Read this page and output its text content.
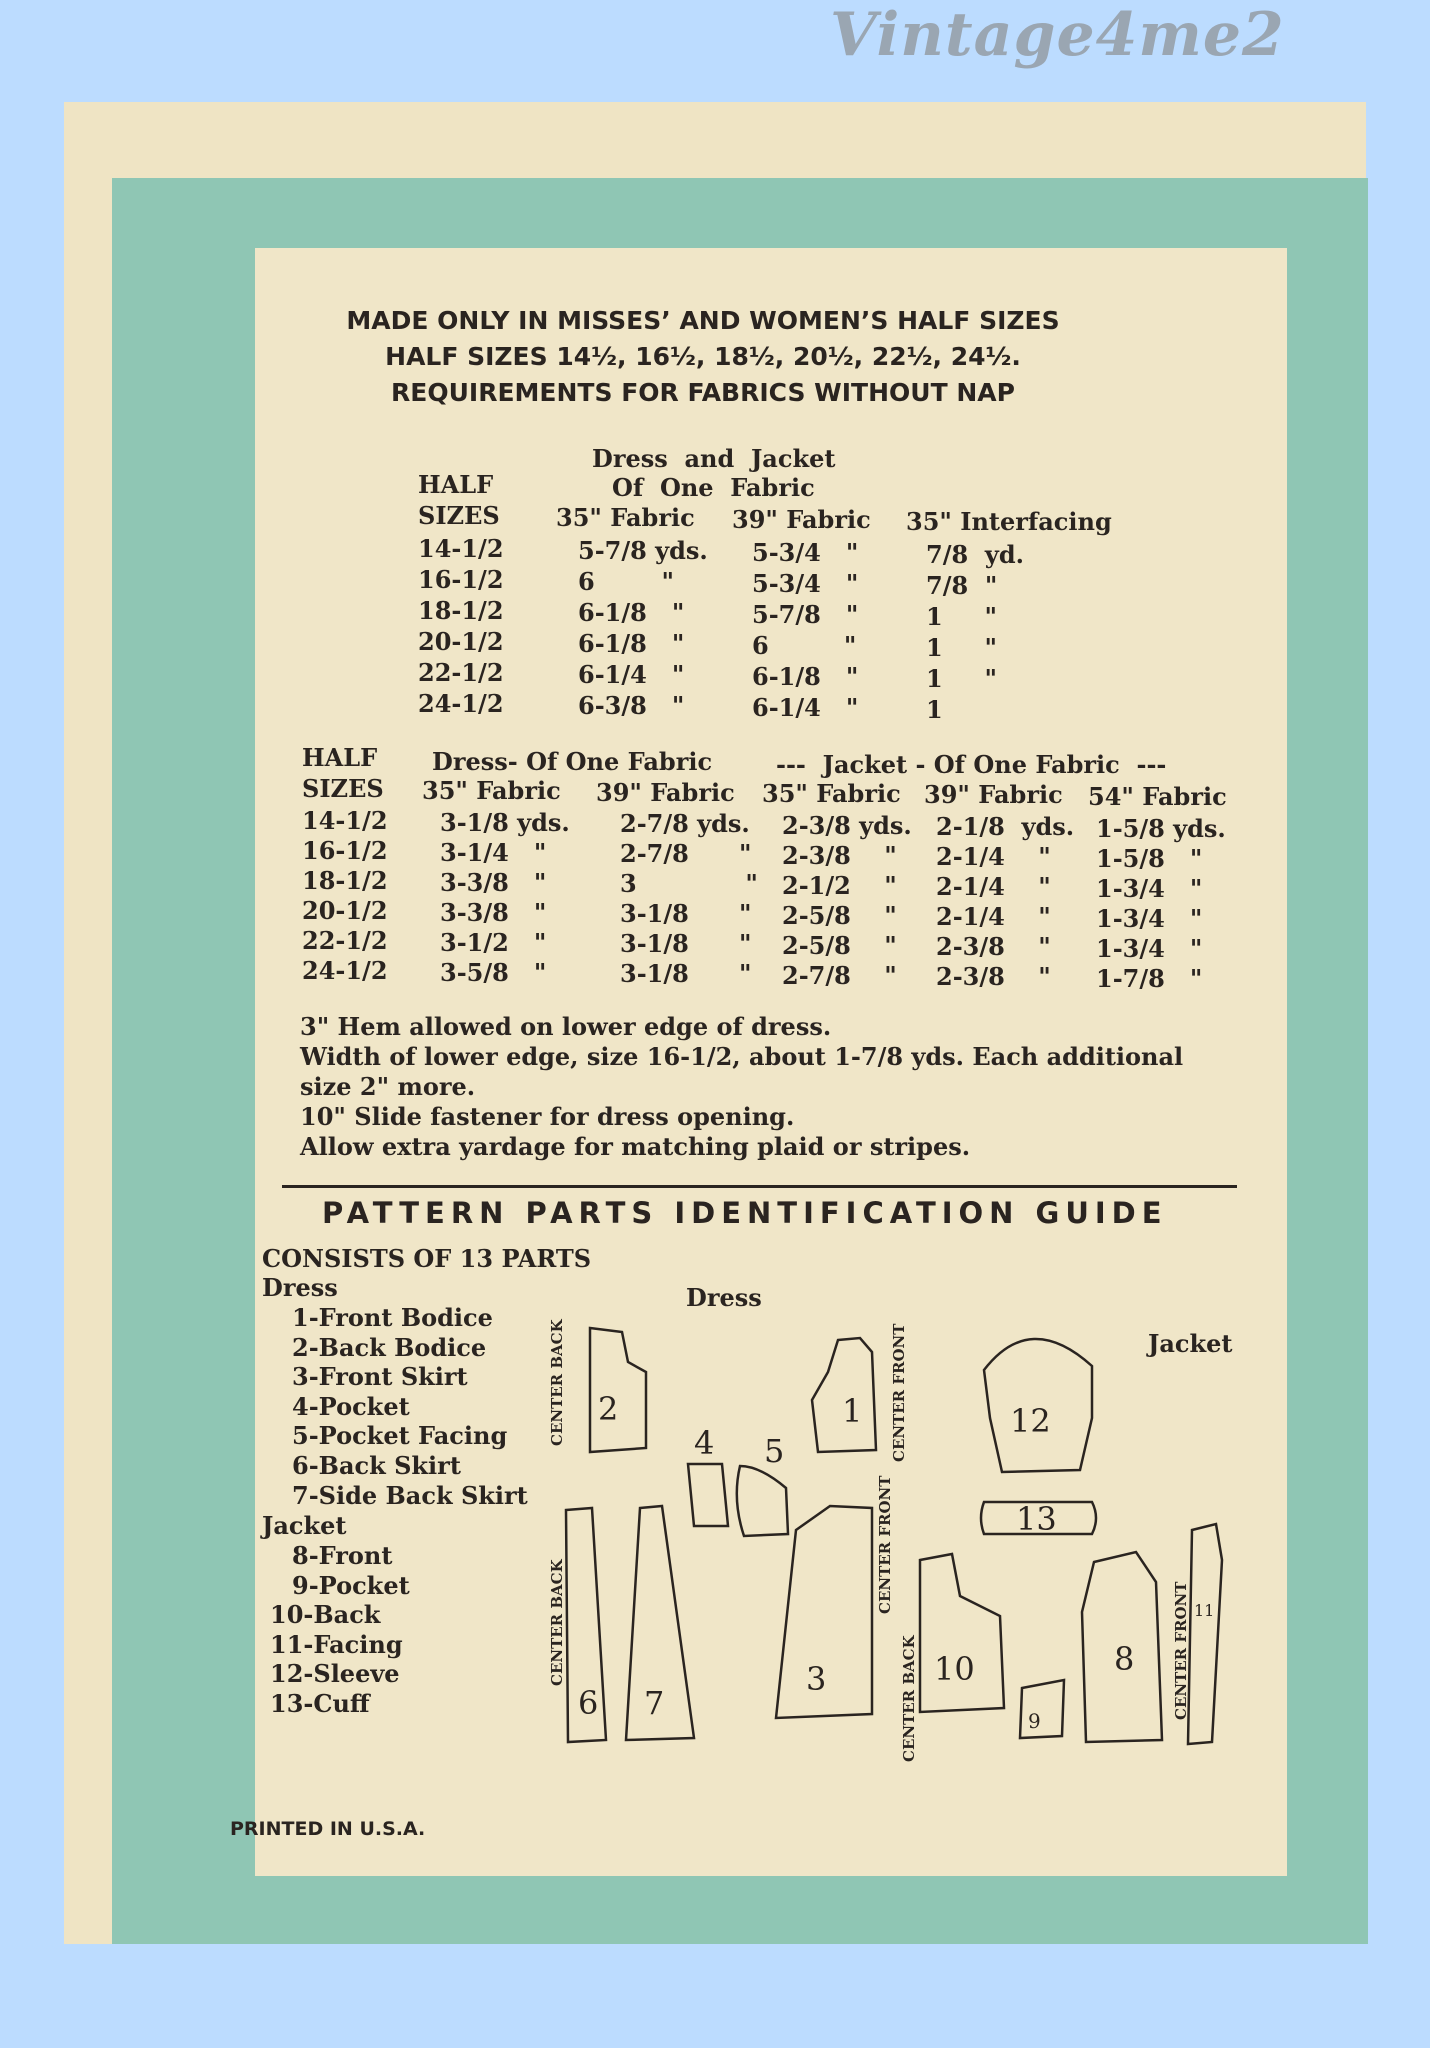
Vintage4me2
MADE ONLY IN MISSES’ AND WOMEN’S HALF SIZES
HALF SIZES 14½, 16½, 18½, 20½, 22½, 24½.
REQUIREMENTS FOR FABRICS WITHOUT NAP
Dress  and  Jacket
HALF	Of  One  Fabric
SIZES 35" Fabric 39" Fabric 35" Interfacing
14-1/2	5-7/8 yds. 5-3/4   "	7/8  yd.
16-1/2	6        "	5-3/4   "	7/8  "
18-1/2	6-1/8   "	5-7/8   "	1     "
20-1/2	6-1/8   "	6         "	1     "
22-1/2	6-1/4   "	6-1/8   "	1     "
24-1/2	6-3/8   "	6-1/4   "	1
HALF Dress- Of One Fabric	---  Jacket - Of One Fabric  ---
SIZES 35" Fabric 39" Fabric 35" Fabric 39" Fabric 54" Fabric
14-1/2 3-1/8 yds. 2-7/8 yds. 2-3/8 yds. 2-1/8  yds. 1-5/8 yds.
16-1/2 3-1/4   "	2-7/8      " 2-3/8    " 2-1/4    " 1-5/8   "
18-1/2 3-3/8   "	3             " 2-1/2    " 2-1/4    " 1-3/4   "
20-1/2 3-3/8   "	3-1/8      " 2-5/8    " 2-1/4    " 1-3/4   "
22-1/2 3-1/2   "	3-1/8      " 2-5/8    " 2-3/8    " 1-3/4   "
24-1/2 3-5/8   "	3-1/8      " 2-7/8    " 2-3/8    " 1-7/8   "
3" Hem allowed on lower edge of dress.
Width of lower edge, size 16-1/2, about 1-7/8 yds. Each additional
size 2" more.
10" Slide fastener for dress opening.
Allow extra yardage for matching plaid or stripes.
PATTERN PARTS IDENTIFICATION GUIDE
CONSISTS OF 13 PARTS
Dress
1-Front Bodice
2-Back Bodice
3-Front Skirt
4-Pocket
5-Pocket Facing
6-Back Skirt
7-Side Back Skirt
Jacket
8-Front
9-Pocket
10-Back
11-Facing
12-Sleeve
13-Cuff
2	1	12
4 5
13
6 7
3	10
9
8
11
Dress
Jacket
CENTER BACK	CENTER FRONT
CENTER BACK
CENTER FRONT
CENTER BACK	CENTER FRONT
PRINTED IN U.S.A.
